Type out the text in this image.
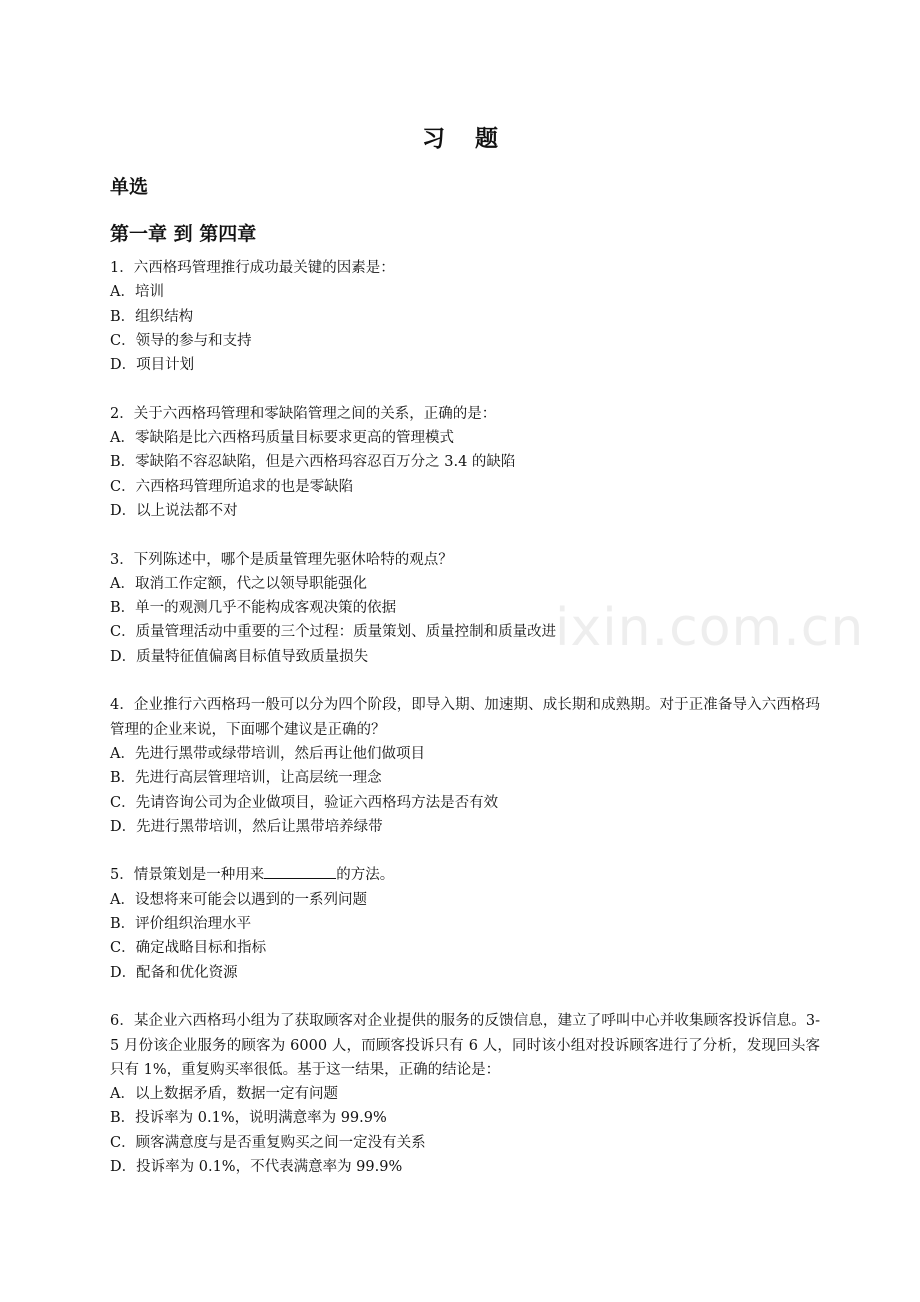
习题
单选
第一章 到 第四章
1．六西格玛管理推行成功最关键的因素是：
A．培训
B．组织结构
C．领导的参与和支持
D．项目计划
2．关于六西格玛管理和零缺陷管理之间的关系，正确的是：
A．零缺陷是比六西格玛质量目标要求更高的管理模式
B．零缺陷不容忍缺陷，但是六西格玛容忍百万分之 3.4 的缺陷
C．六西格玛管理所追求的也是零缺陷
D．以上说法都不对
3．下列陈述中，哪个是质量管理先驱休哈特的观点？
A．取消工作定额，代之以领导职能强化
B．单一的观测几乎不能构成客观决策的依据
C．质量管理活动中重要的三个过程：质量策划、质量控制和质量改进
D．质量特征值偏离目标值导致质量损失
4．企业推行六西格玛一般可以分为四个阶段，即导入期、加速期、成长期和成熟期。对于正准备导入六西格玛管理的企业来说，下面哪个建议是正确的？
A．先进行黑带或绿带培训，然后再让他们做项目
B．先进行高层管理培训，让高层统一理念
C．先请咨询公司为企业做项目，验证六西格玛方法是否有效
D．先进行黑带培训，然后让黑带培养绿带
5．情景策划是一种用来	的方法。
A．设想将来可能会以遇到的一系列问题
B．评价组织治理水平
C．确定战略目标和指标
D．配备和优化资源
6．某企业六西格玛小组为了获取顾客对企业提供的服务的反馈信息，建立了呼叫中心并收集顾客投诉信息。3-5 月份该企业服务的顾客为 6000 人，而顾客投诉只有 6 人，同时该小组对投诉顾客进行了分析，发现回头客只有 1%，重复购买率很低。基于这一结果，正确的结论是：
A．以上数据矛盾，数据一定有问题
B．投诉率为 0.1%，说明满意率为 99.9%
C．顾客满意度与是否重复购买之间一定没有关系
D．投诉率为 0.1%，不代表满意率为 99.9%
ixin.com.cn
